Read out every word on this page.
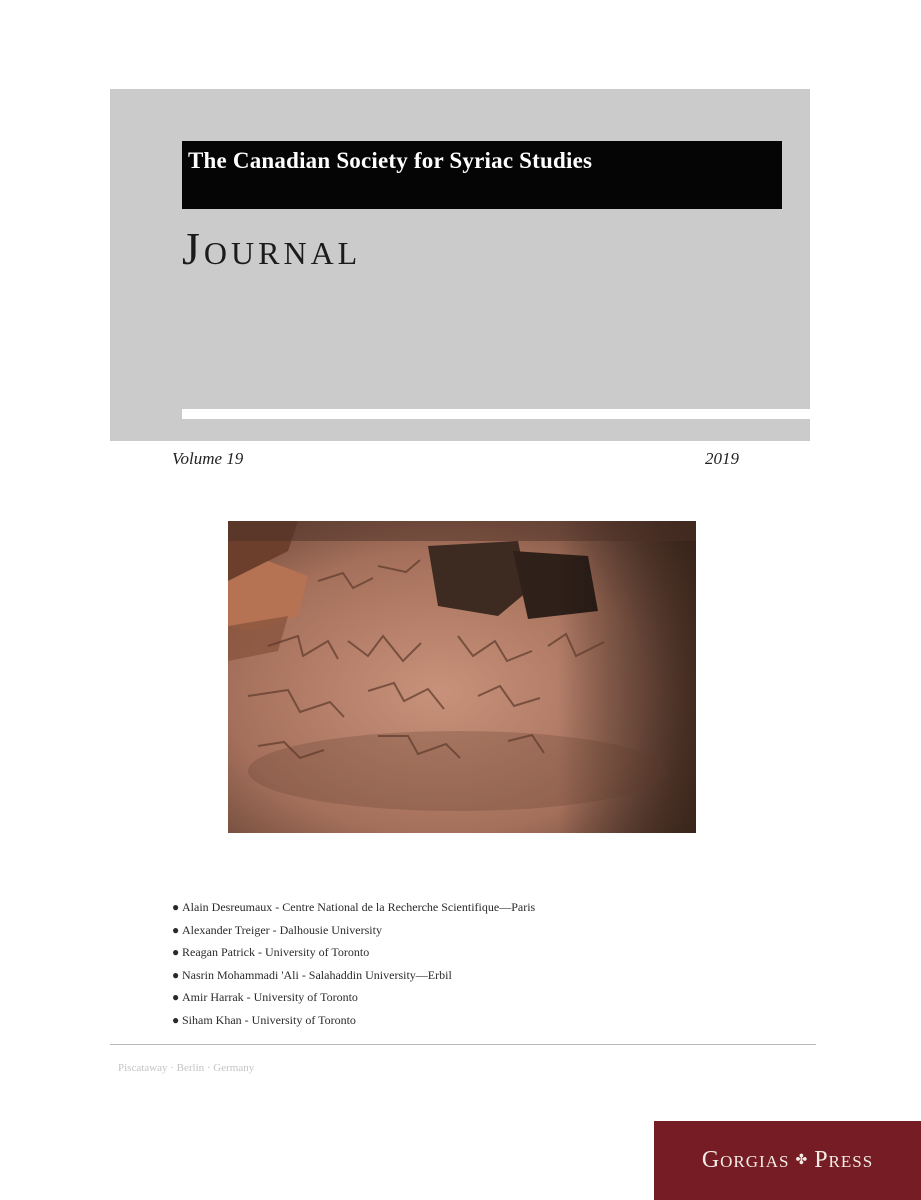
The Canadian Society for Syriac Studies
Journal
Volume 19	2019
● Alain Desreumaux - Centre National de la Recherche Scientifique—Paris
● Alexander Treiger - Dalhousie University
● Reagan Patrick - University of Toronto
● Nasrin Mohammadi 'Ali - Salahaddin University—Erbil
● Amir Harrak - University of Toronto
● Siham Khan - University of Toronto
Piscataway · Berlin · Germany
Gorgias ✤ Press
